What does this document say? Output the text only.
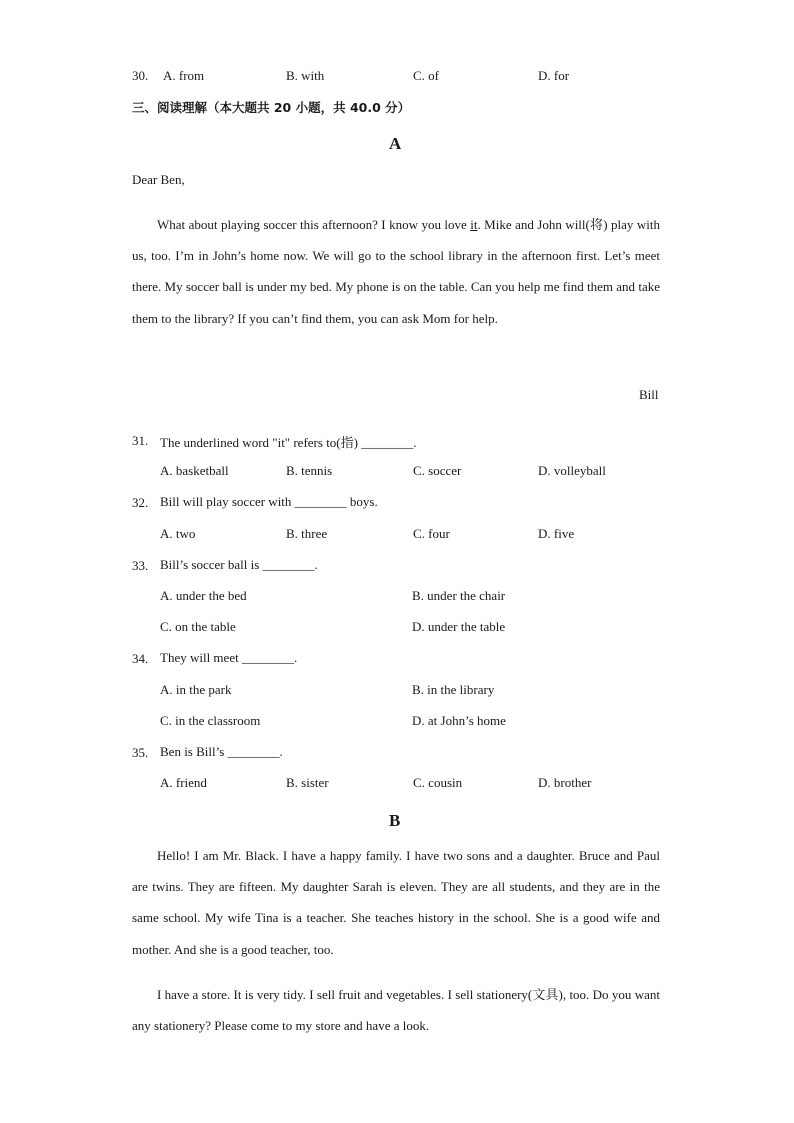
30. A. from	B. with	C. of	D. for
三、阅读理解（本大题共 20 小题，共 40.0 分）
A
Dear Ben,
What about playing soccer this afternoon? I know you love it. Mike and John will(将) play with us, too. I’m in John’s home now. We will go to the school library in the afternoon first. Let’s meet there. My soccer ball is under my bed. My phone is on the table. Can you help me find them and take them to the library? If you can’t find them, you can ask Mom for help.
Bill
31. The underlined word "it" refers to(指) ________.
A. basketball	B. tennis	C. soccer	D. volleyball
32. Bill will play soccer with ________ boys.
A. two	B. three	C. four	D. five
33. Bill’s soccer ball is ________.
A. under the bed	B. under the chair
C. on the table	D. under the table
34. They will meet ________.
A. in the park	B. in the library
C. in the classroom	D. at John’s home
35. Ben is Bill’s ________.
A. friend	B. sister	C. cousin	D. brother
B
Hello! I am Mr. Black. I have a happy family. I have two sons and a daughter. Bruce and Paul are twins. They are fifteen. My daughter Sarah is eleven. They are all students, and they are in the same school. My wife Tina is a teacher. She teaches history in the school. She is a good wife and mother. And she is a good teacher, too.
I have a store. It is very tidy. I sell fruit and vegetables. I sell stationery(文具), too. Do you want any stationery? Please come to my store and have a look.
